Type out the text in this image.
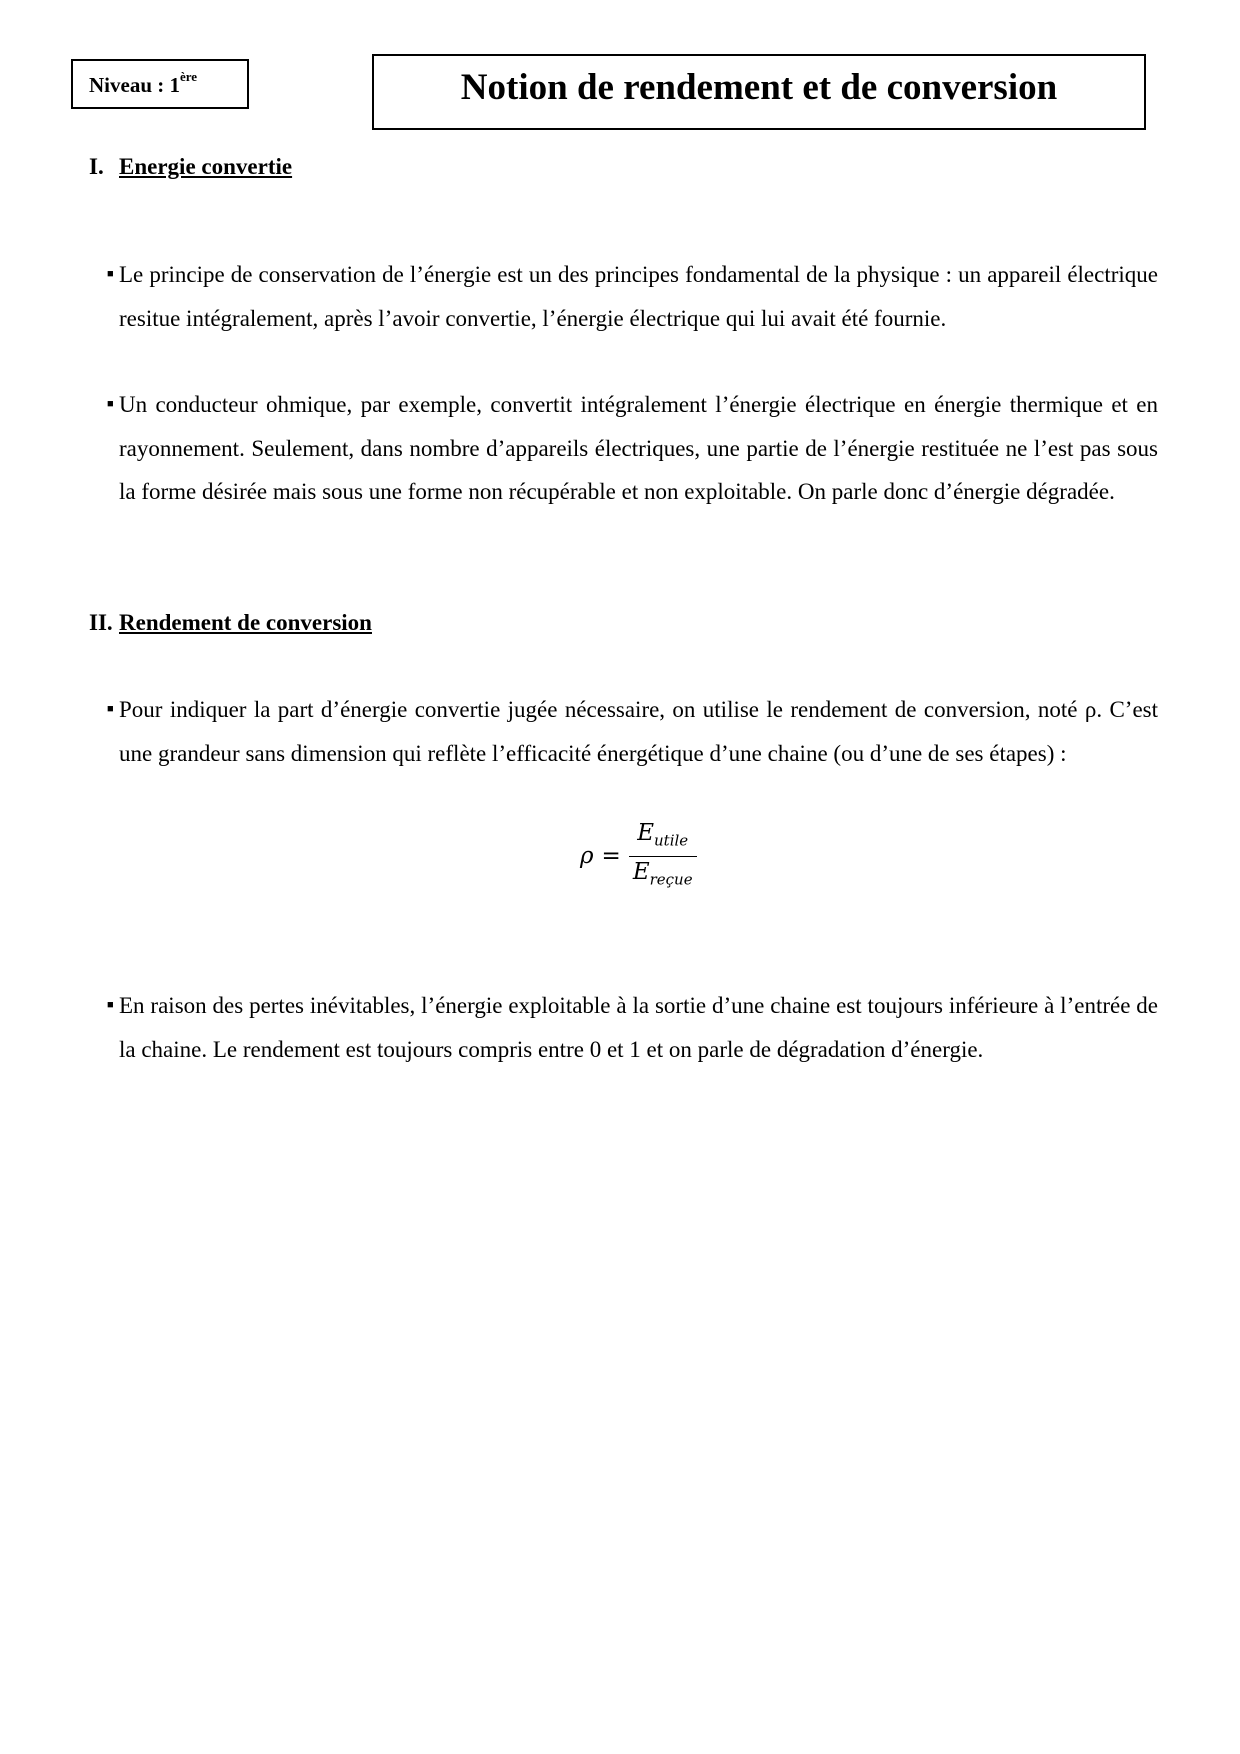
Niveau : 1ère	Notion de rendement et de conversion
I. Energie convertie
■ Le principe de conservation de l’énergie est un des principes fondamental de la physique : un appareil électrique resitue intégralement, après l’avoir convertie, l’énergie électrique qui lui avait été fournie.
■ Un conducteur ohmique, par exemple, convertit intégralement l’énergie électrique en énergie thermique et en rayonnement. Seulement, dans nombre d’appareils électriques, une partie de l’énergie restituée ne l’est pas sous la forme désirée mais sous une forme non récupérable et non exploitable. On parle donc d’énergie dégradée.
II. Rendement de conversion
■ Pour indiquer la part d’énergie convertie jugée nécessaire, on utilise le rendement de conversion, noté ρ. C’est une grandeur sans dimension qui reflète l’efficacité énergétique d’une chaine (ou d’une de ses étapes) :
$\rho = \frac{E_{utile}}{E_{reçue}}$
■ En raison des pertes inévitables, l’énergie exploitable à la sortie d’une chaine est toujours inférieure à l’entrée de la chaine. Le rendement est toujours compris entre 0 et 1 et on parle de dégradation d’énergie.
